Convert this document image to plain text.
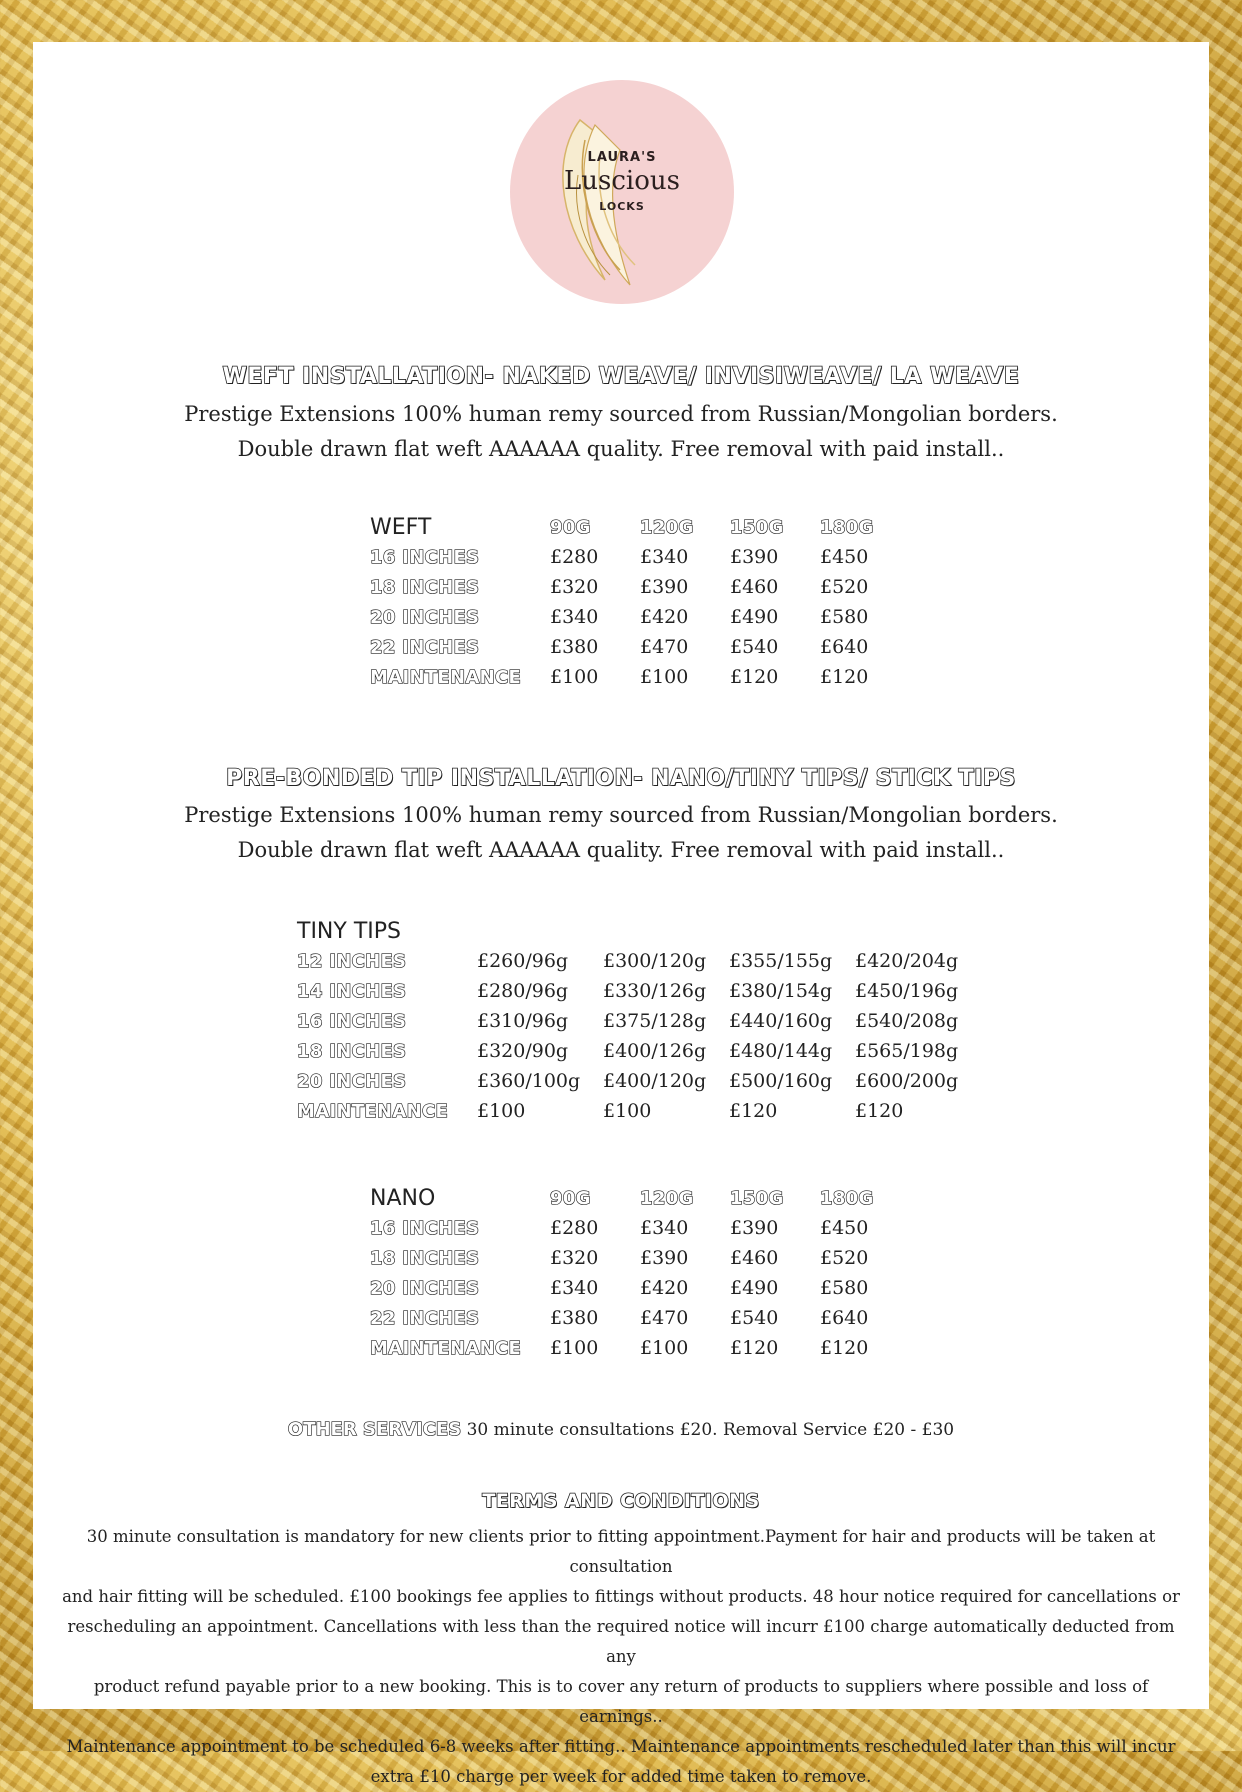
LAURA'S
Luscious
LOCKS
WEFT INSTALLATION- NAKED WEAVE/ INVISIWEAVE/ LA WEAVE
Prestige Extensions 100% human remy sourced from Russian/Mongolian borders.
Double drawn flat weft AAAAAA quality. Free removal with paid install..
WEFT	90G	120G	150G	180G
16 INCHES	£280	£340	£390	£450
18 INCHES	£320	£390	£460	£520
20 INCHES	£340	£420	£490	£580
22 INCHES	£380	£470	£540	£640
MAINTENANCE	£100	£100	£120	£120
PRE-BONDED TIP INSTALLATION- NANO/TINY TIPS/ STICK TIPS
Prestige Extensions 100% human remy sourced from Russian/Mongolian borders.
Double drawn flat weft AAAAAA quality. Free removal with paid install..
TINY TIPS				
12 INCHES	£260/96g	£300/120g	£355/155g	£420/204g
14 INCHES	£280/96g	£330/126g	£380/154g	£450/196g
16 INCHES	£310/96g	£375/128g	£440/160g	£540/208g
18 INCHES	£320/90g	£400/126g	£480/144g	£565/198g
20 INCHES	£360/100g	£400/120g	£500/160g	£600/200g
MAINTENANCE	£100	£100	£120	£120
NANO	90G	120G	150G	180G
16 INCHES	£280	£340	£390	£450
18 INCHES	£320	£390	£460	£520
20 INCHES	£340	£420	£490	£580
22 INCHES	£380	£470	£540	£640
MAINTENANCE	£100	£100	£120	£120
OTHER SERVICES 30 minute consultations £20. Removal Service £20 - £30
TERMS AND CONDITIONS
30 minute consultation is mandatory for new clients prior to fitting appointment.Payment for hair and products will be taken at consultation
and hair fitting will be scheduled. £100 bookings fee applies to fittings without products. 48 hour notice required for cancellations or
rescheduling an appointment. Cancellations with less than the required notice will incurr £100 charge automatically deducted from any
product refund payable prior to a new booking. This is to cover any return of products to suppliers where possible and loss of earnings..
Maintenance appointment to be scheduled 6-8 weeks after fitting.. Maintenance appointments rescheduled later than this will incur
extra £10 charge per week for added time taken to remove.
